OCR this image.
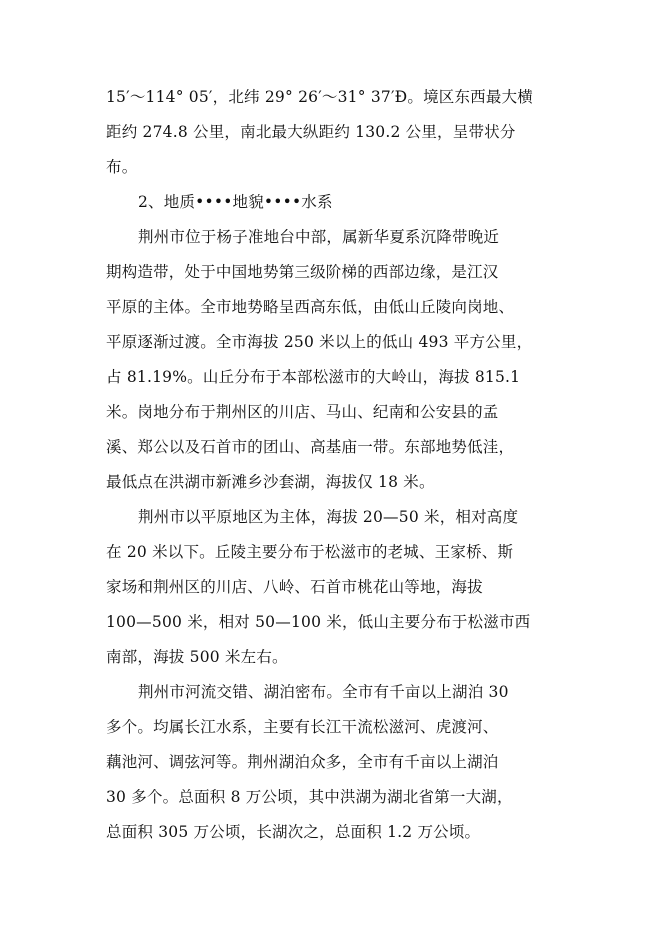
15′～114° 05′，北纬 29° 26′～31° 37′Đ。境区东西最大横
距约 274.8 公里，南北最大纵距约 130.2 公里，呈带状分
布。
2、地质••••地貌••••水系
荆州市位于杨子准地台中部，属新华夏系沉降带晚近
期构造带，处于中国地势第三级阶梯的西部边缘，是江汉
平原的主体。全市地势略呈西高东低，由低山丘陵向岗地、
平原逐渐过渡。全市海拔 250 米以上的低山 493 平方公里，
占 81.19%。山丘分布于本部松滋市的大岭山，海拔 815.1
米。岗地分布于荆州区的川店、马山、纪南和公安县的孟
溪、郑公以及石首市的团山、高基庙一带。东部地势低洼，
最低点在洪湖市新滩乡沙套湖，海拔仅 18 米。
荆州市以平原地区为主体，海拔 20—50 米，相对高度
在 20 米以下。丘陵主要分布于松滋市的老城、王家桥、斯
家场和荆州区的川店、八岭、石首市桃花山等地，海拔
100—500 米，相对 50—100 米，低山主要分布于松滋市西
南部，海拔 500 米左右。
荆州市河流交错、湖泊密布。全市有千亩以上湖泊 30
多个。均属长江水系，主要有长江干流松滋河、虎渡河、
藕池河、调弦河等。荆州湖泊众多，全市有千亩以上湖泊
30 多个。总面积 8 万公顷，其中洪湖为湖北省第一大湖，
总面积 305 万公顷，长湖次之，总面积 1.2 万公顷。
